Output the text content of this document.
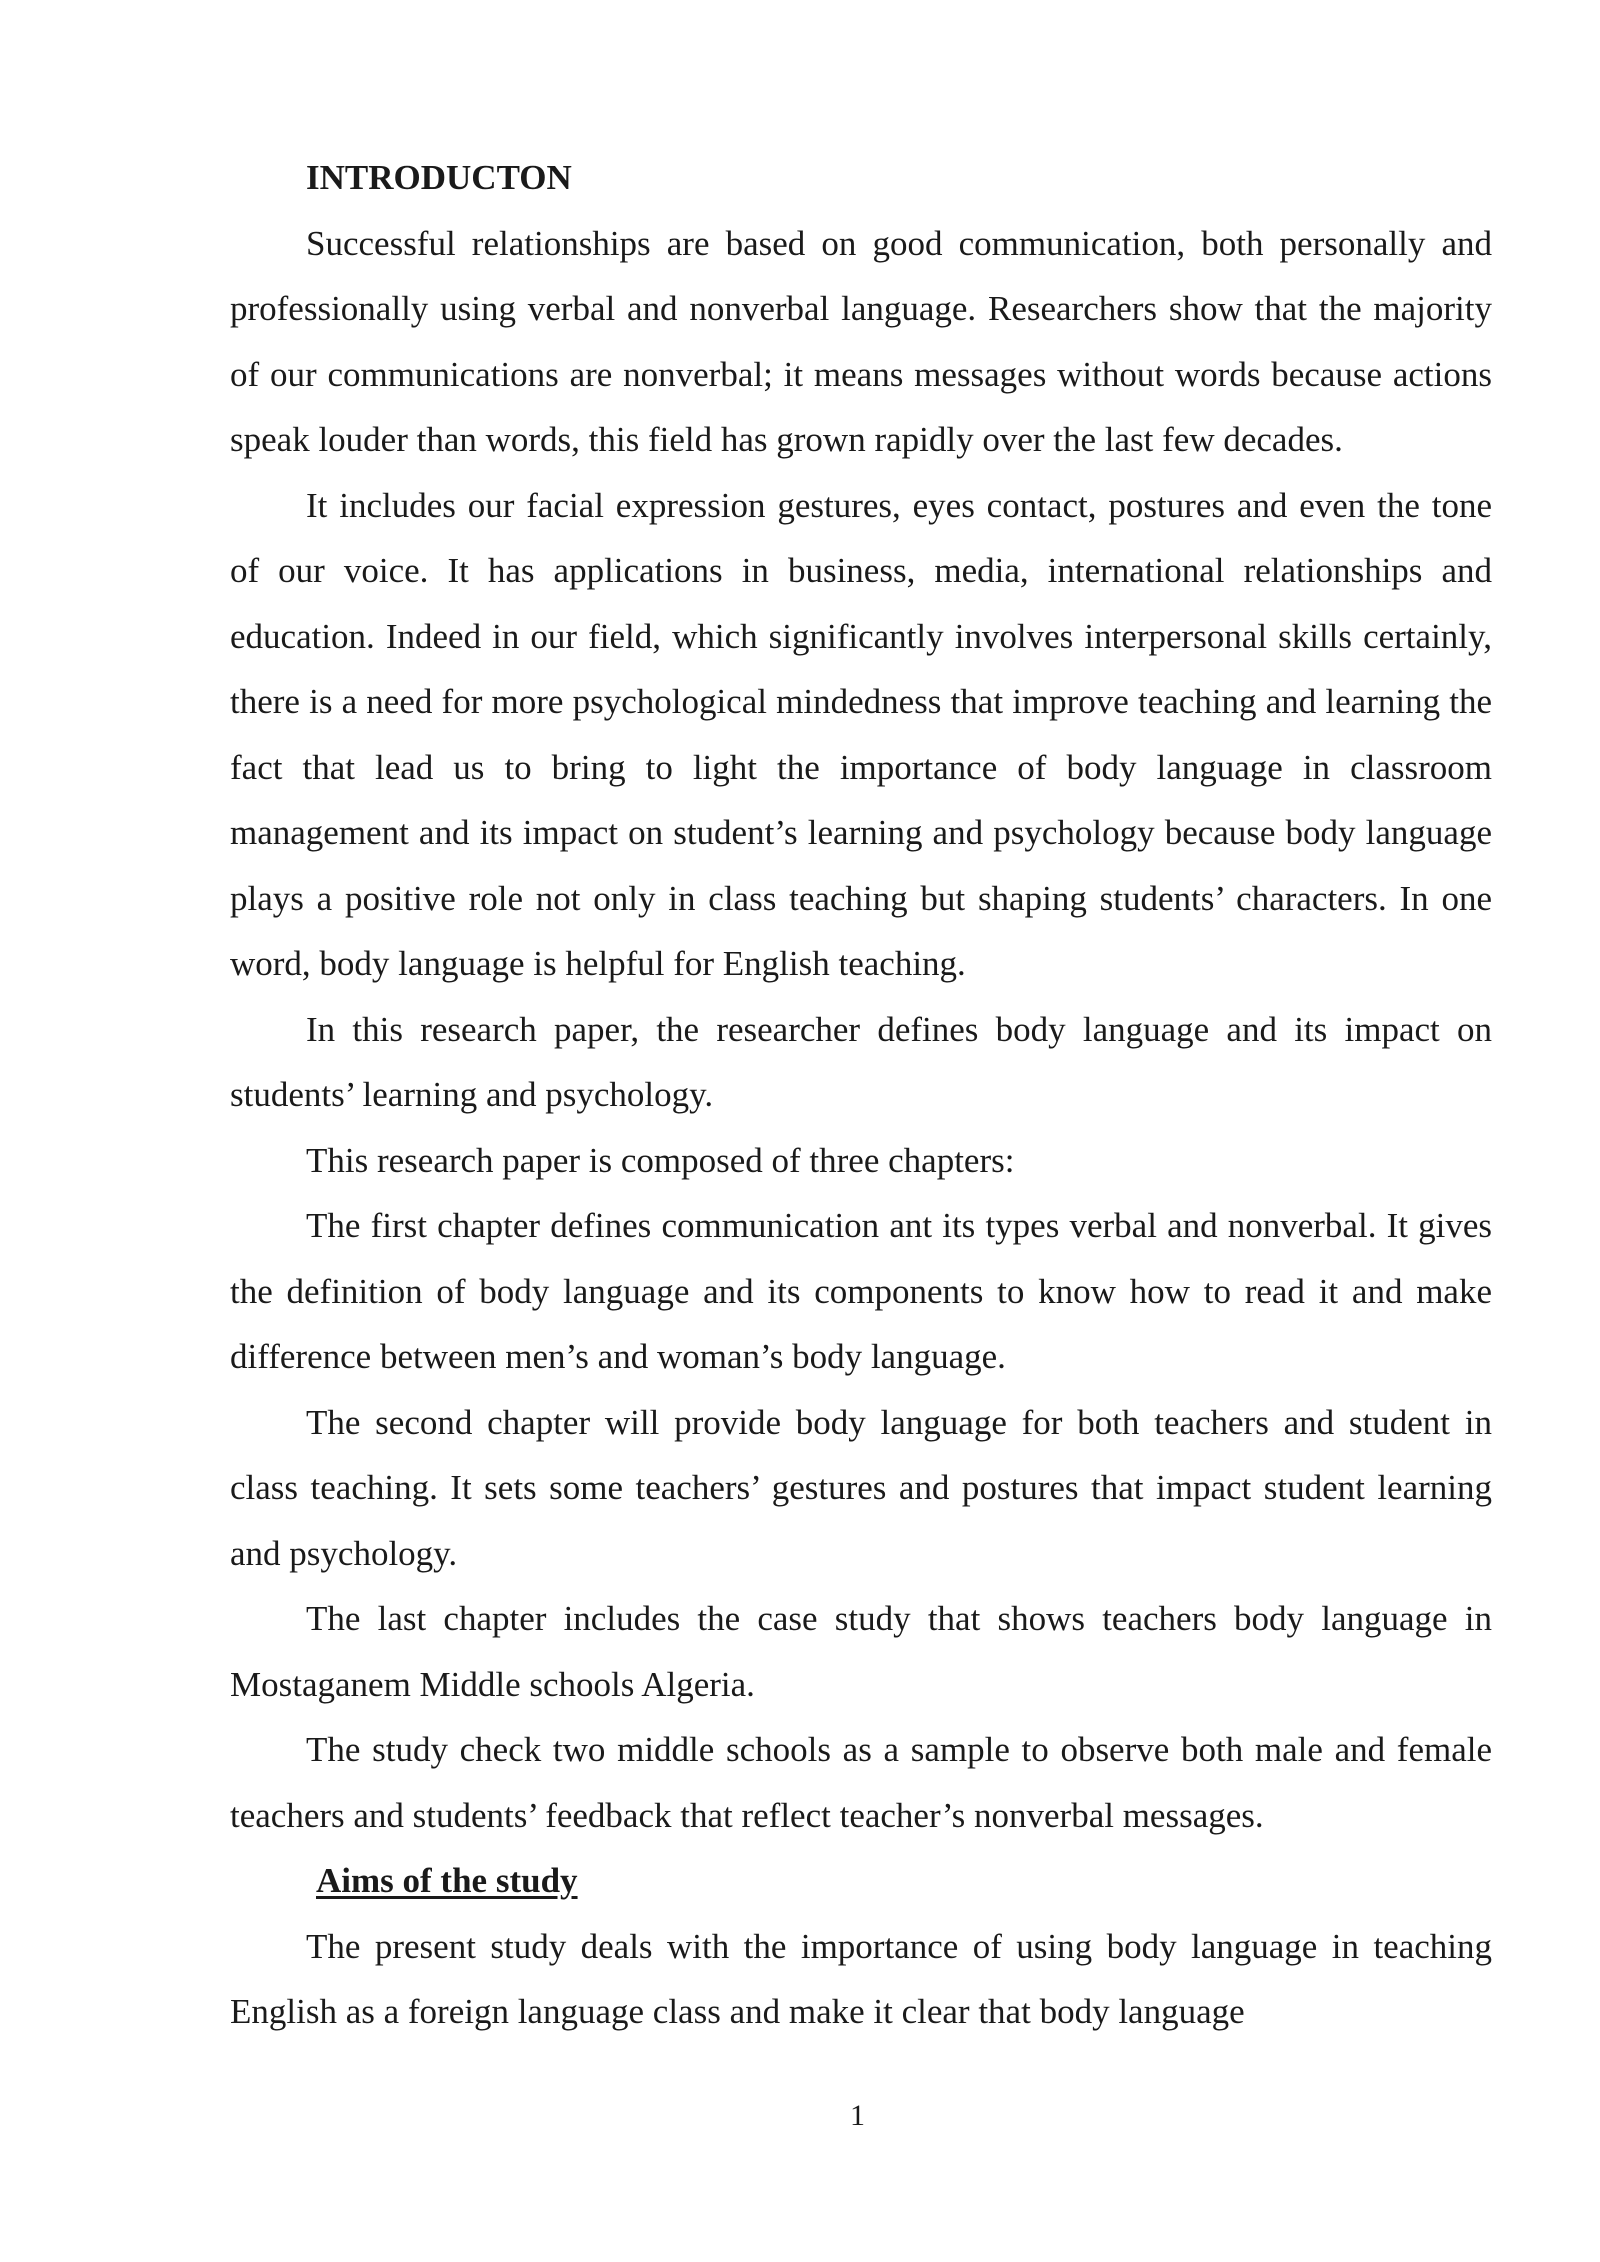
INTRODUCTON

Successful relationships are based on good communication, both personally and professionally using verbal and nonverbal language. Researchers show that the majority of our communications are nonverbal; it means messages without words because actions speak louder than words, this field has grown rapidly over the last few decades.

It includes our facial expression gestures, eyes contact, postures and even the tone of our voice. It has applications in business, media, international relationships and education. Indeed in our field, which significantly involves interpersonal skills certainly, there is a need for more psychological mindedness that improve teaching and learning the fact that lead us to bring to light the importance of body language in classroom management and its impact on student’s learning and psychology because body language plays a positive role not only in class teaching but shaping students’ characters. In one word, body language is helpful for English teaching.

In this research paper, the researcher defines body language and its impact on students’ learning and psychology.

This research paper is composed of three chapters:

The first chapter defines communication ant its types verbal and nonverbal. It gives the definition of body language and its components to know how to read it and make difference between men’s and woman’s body language.

The second chapter will provide body language for both teachers and student in class teaching. It sets some teachers’ gestures and postures that impact student learning and psychology.

The last chapter includes the case study that shows teachers body language in Mostaganem Middle schools Algeria.

The study check two middle schools as a sample to observe both male and female teachers and students’ feedback that reflect teacher’s nonverbal messages.

Aims of the study

The present study deals with the importance of using body language in teaching English as a foreign language class and make it clear that body language

1
